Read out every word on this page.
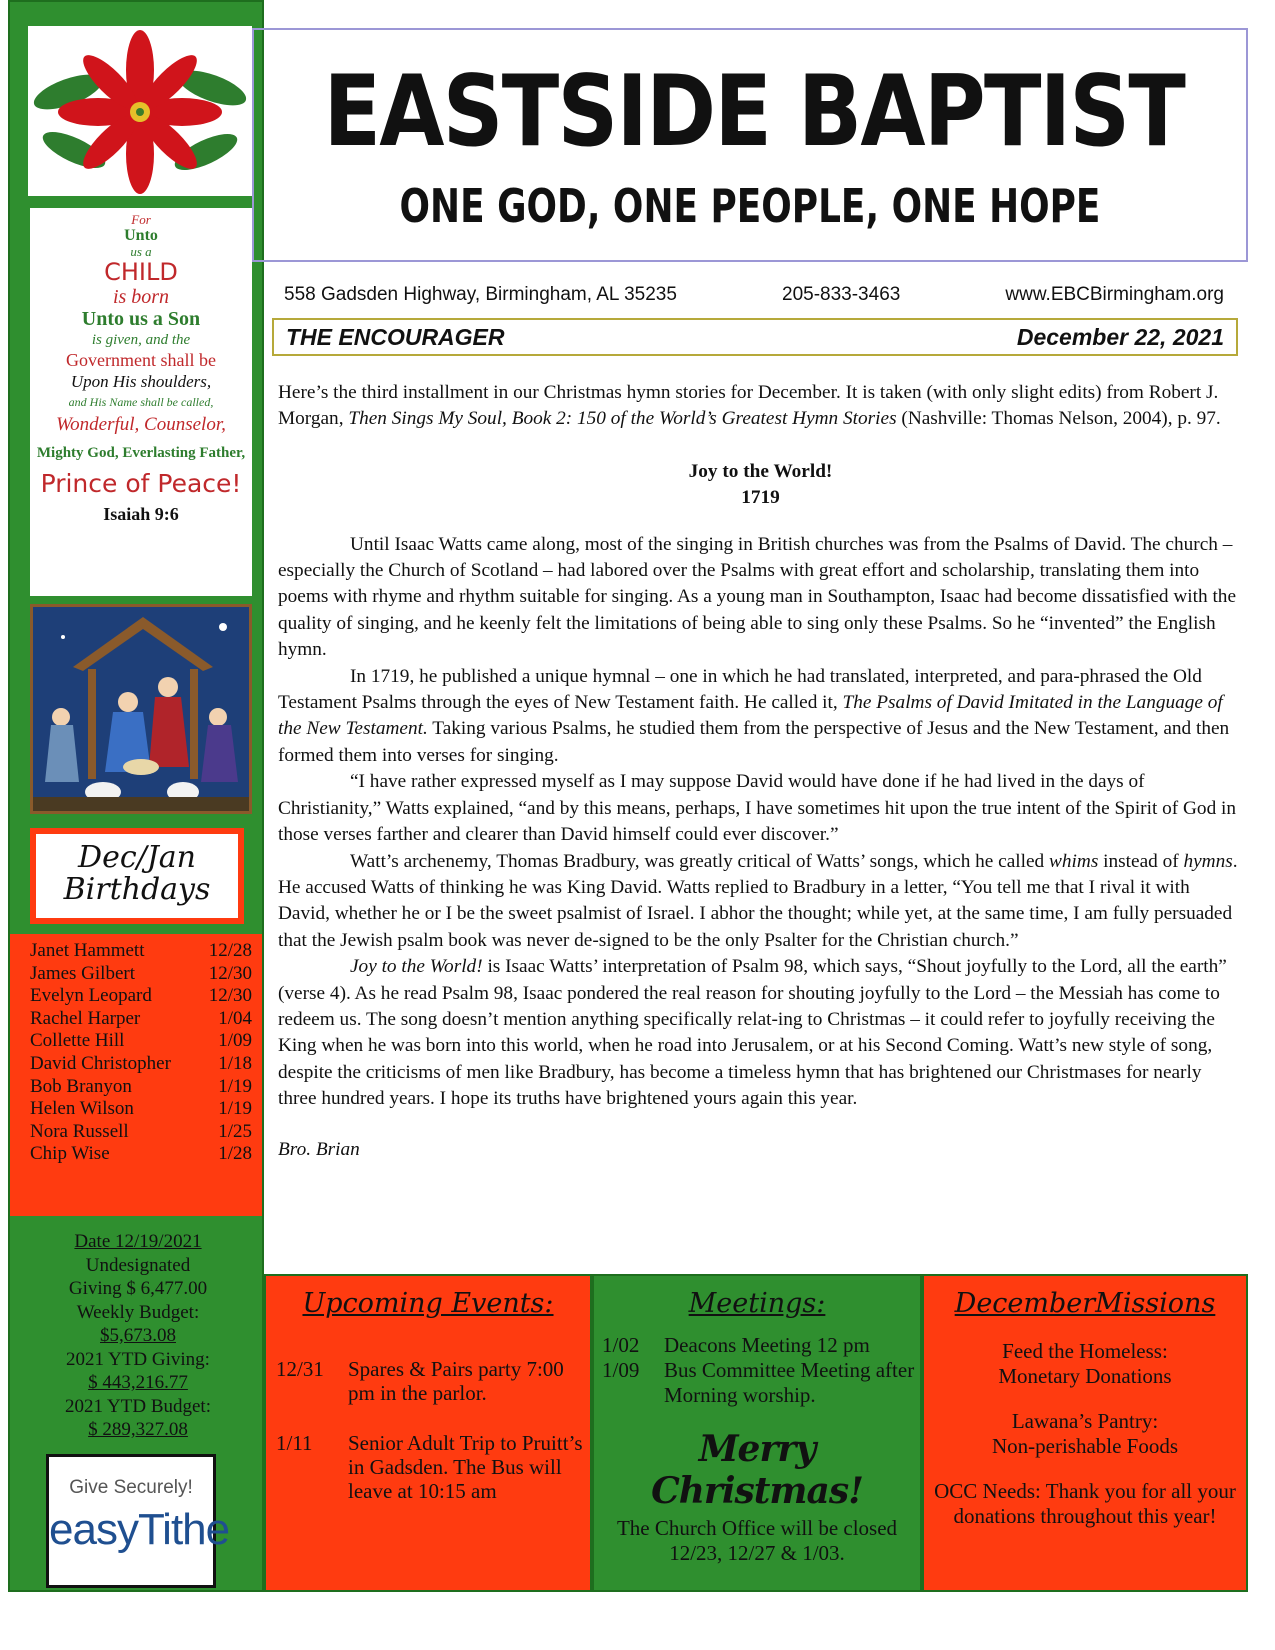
For
Unto
us a
CHILD
is born
Unto us a Son
is given, and the
Government shall be
Upon His shoulders,
and His Name shall be called,
Wonderful, Counselor,
Mighty God, Everlasting Father,
Prince of Peace!
Isaiah 9:6
Dec/Jan
Birthdays
Janet Hammett	12/28
James Gilbert	12/30
Evelyn Leopard	12/30
Rachel Harper	1/04
Collette Hill	1/09
David Christopher 1/18
Bob Branyon	1/19
Helen Wilson	1/19
Nora Russell	1/25
Chip Wise	1/28
Date 12/19/2021
Undesignated
Giving $ 6,477.00
Weekly Budget:
$5,673.08
2021 YTD Giving:
$ 443,216.77
2021 YTD Budget:
$ 289,327.08
Give Securely!
easyTithe
EASTSIDE BAPTIST
ONE GOD, ONE PEOPLE, ONE HOPE
558 Gadsden Highway, Birmingham, AL 35235	205-833-3463	www.EBCBirmingham.org
THE ENCOURAGER	December 22, 2021

Here’s the third installment in our Christmas hymn stories for December. It is taken (with only slight edits) from Robert J. Morgan, Then Sings My Soul, Book 2: 150 of the World’s Greatest Hymn Stories (Nashville: Thomas Nelson, 2004), p. 97.

Joy to the World!
1719

Until Isaac Watts came along, most of the singing in British churches was from the Psalms of David. The church – especially the Church of Scotland – had labored over the Psalms with great effort and scholarship, translating them into poems with rhyme and rhythm suitable for singing. As a young man in Southampton, Isaac had become dissatisfied with the quality of singing, and he keenly felt the limitations of being able to sing only these Psalms. So he “invented” the English hymn.

In 1719, he published a unique hymnal – one in which he had translated, interpreted, and para-phrased the Old Testament Psalms through the eyes of New Testament faith. He called it, The Psalms of David Imitated in the Language of the New Testament. Taking various Psalms, he studied them from the perspective of Jesus and the New Testament, and then formed them into verses for singing.

“I have rather expressed myself as I may suppose David would have done if he had lived in the days of Christianity,” Watts explained, “and by this means, perhaps, I have sometimes hit upon the true intent of the Spirit of God in those verses farther and clearer than David himself could ever discover.”

Watt’s archenemy, Thomas Bradbury, was greatly critical of Watts’ songs, which he called whims instead of hymns. He accused Watts of thinking he was King David. Watts replied to Bradbury in a letter, “You tell me that I rival it with David, whether he or I be the sweet psalmist of Israel. I abhor the thought; while yet, at the same time, I am fully persuaded that the Jewish psalm book was never de-signed to be the only Psalter for the Christian church.”

Joy to the World! is Isaac Watts’ interpretation of Psalm 98, which says, “Shout joyfully to the Lord, all the earth” (verse 4). As he read Psalm 98, Isaac pondered the real reason for shouting joyfully to the Lord – the Messiah has come to redeem us. The song doesn’t mention anything specifically relat-ing to Christmas – it could refer to joyfully receiving the King when he was born into this world, when he road into Jerusalem, or at his Second Coming. Watt’s new style of song, despite the criticisms of men like Bradbury, has become a timeless hymn that has brightened our Christmases for nearly three hundred years. I hope its truths have brightened yours again this year.

Bro. Brian

Upcoming Events:
12/31	Spares & Pairs party 7:00 pm in the parlor.
1/11	Senior Adult Trip to Pruitt’s in Gadsden. The Bus will leave at 10:15 am
Meetings:
1/02	Deacons Meeting 12 pm
1/09	Bus Committee Meeting after Morning worship.
Merry Christmas!
The Church Office will be closed 12/23, 12/27 & 1/03.
DecemberMissions
Feed the Homeless:
Monetary Donations
Lawana’s Pantry:
Non-perishable Foods
OCC Needs: Thank you for all your donations throughout this year!
